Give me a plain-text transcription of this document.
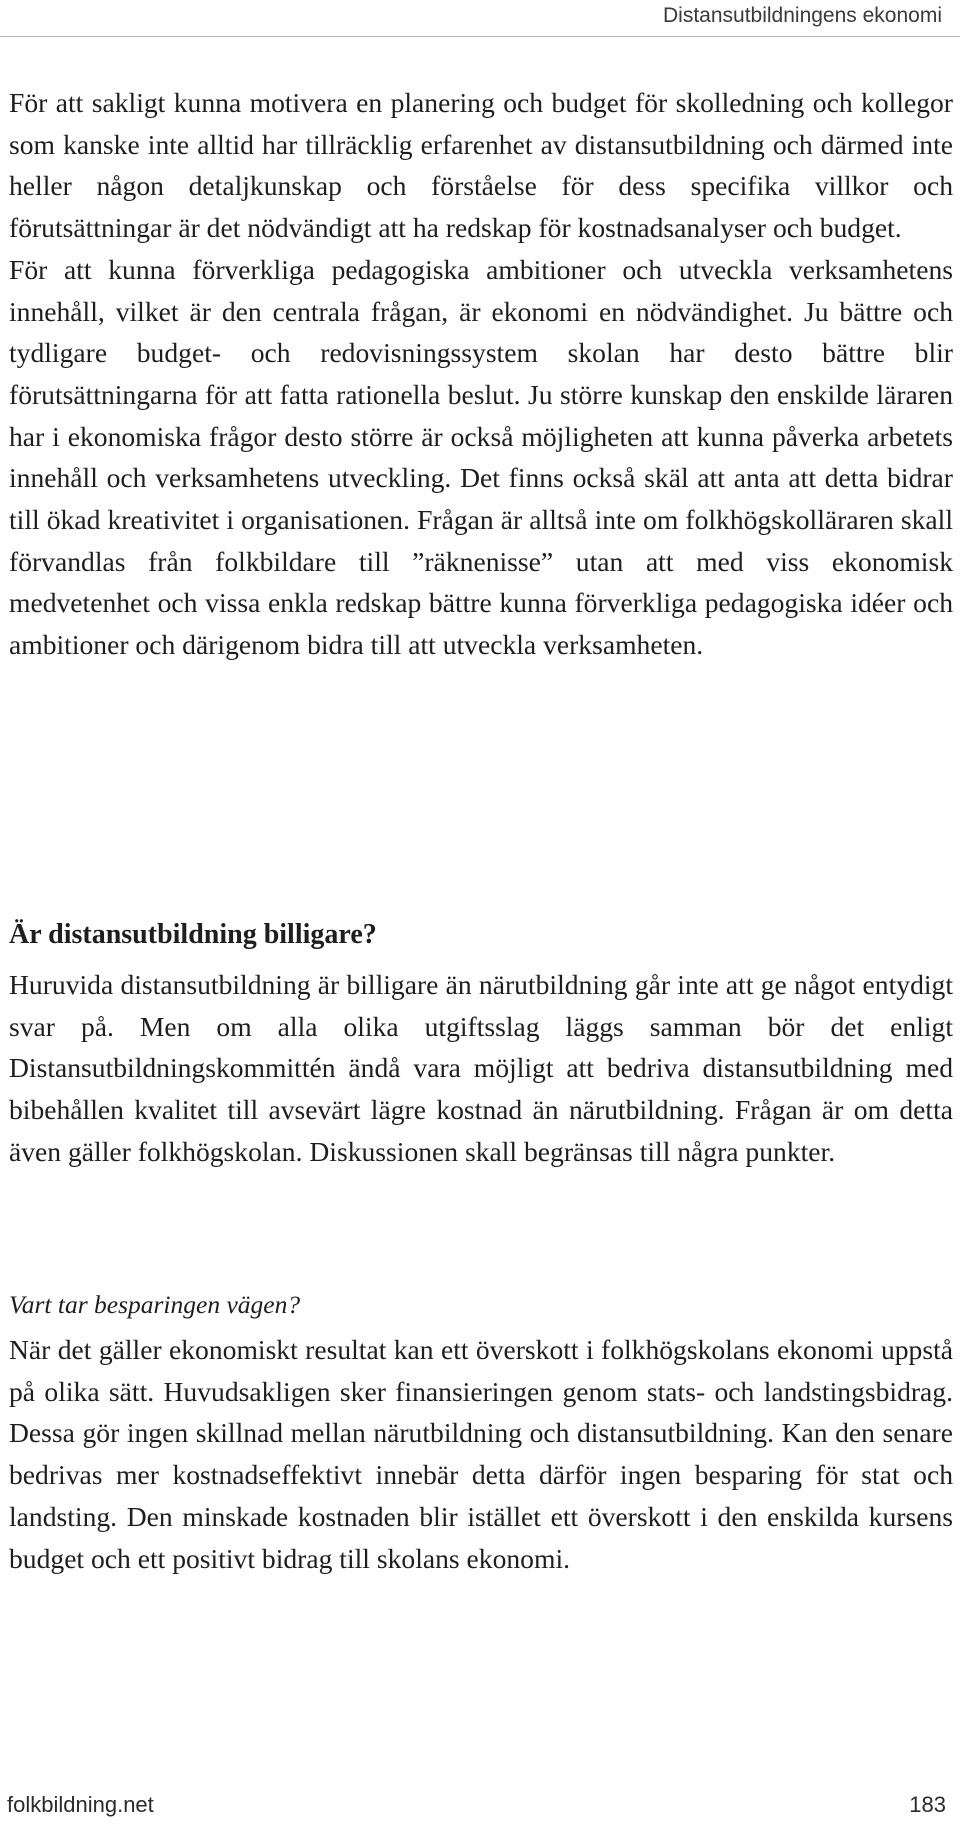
Distansutbildningens ekonomi

För att sakligt kunna motivera en planering och budget för skolledning och kollegor som kanske inte alltid har tillräcklig erfarenhet av distansutbildning och därmed inte heller någon detaljkunskap och förståelse för dess specifika villkor och förutsättningar är det nödvändigt att ha redskap för kostnadsanalyser och budget.
För att kunna förverkliga pedagogiska ambitioner och utveckla verksamhetens innehåll, vilket är den centrala frågan, är ekonomi en nödvändighet. Ju bättre och tydligare budget- och redovisningssystem skolan har desto bättre blir förutsättningarna för att fatta rationella beslut. Ju större kunskap den enskilde läraren har i ekonomiska frågor desto större är också möjligheten att kunna påverka arbetets innehåll och verksamhetens utveckling. Det finns också skäl att anta att detta bidrar till ökad kreativitet i organisationen. Frågan är alltså inte om folkhögskolläraren skall förvandlas från folkbildare till ”räknenisse” utan att med viss ekonomisk medvetenhet och vissa enkla redskap bättre kunna förverkliga pedagogiska idéer och ambitioner och därigenom bidra till att utveckla verksamheten.

Är distansutbildning billigare?

Huruvida distansutbildning är billigare än närutbildning går inte att ge något entydigt svar på. Men om alla olika utgiftsslag läggs samman bör det enligt Distansutbildningskommittén ändå vara möjligt att bedriva distansutbildning med bibehållen kvalitet till avsevärt lägre kostnad än närutbildning. Frågan är om detta även gäller folkhögskolan. Diskussionen skall begränsas till några punkter.

Vart tar besparingen vägen?

När det gäller ekonomiskt resultat kan ett överskott i folkhögskolans ekonomi uppstå på olika sätt. Huvudsakligen sker finansieringen genom stats- och landstingsbidrag. Dessa gör ingen skillnad mellan närutbildning och distansutbildning. Kan den senare bedrivas mer kostnadseffektivt innebär detta därför ingen besparing för stat och landsting. Den minskade kostnaden blir istället ett överskott i den enskilda kursens budget och ett positivt bidrag till skolans ekonomi.

folkbildning.net	183
